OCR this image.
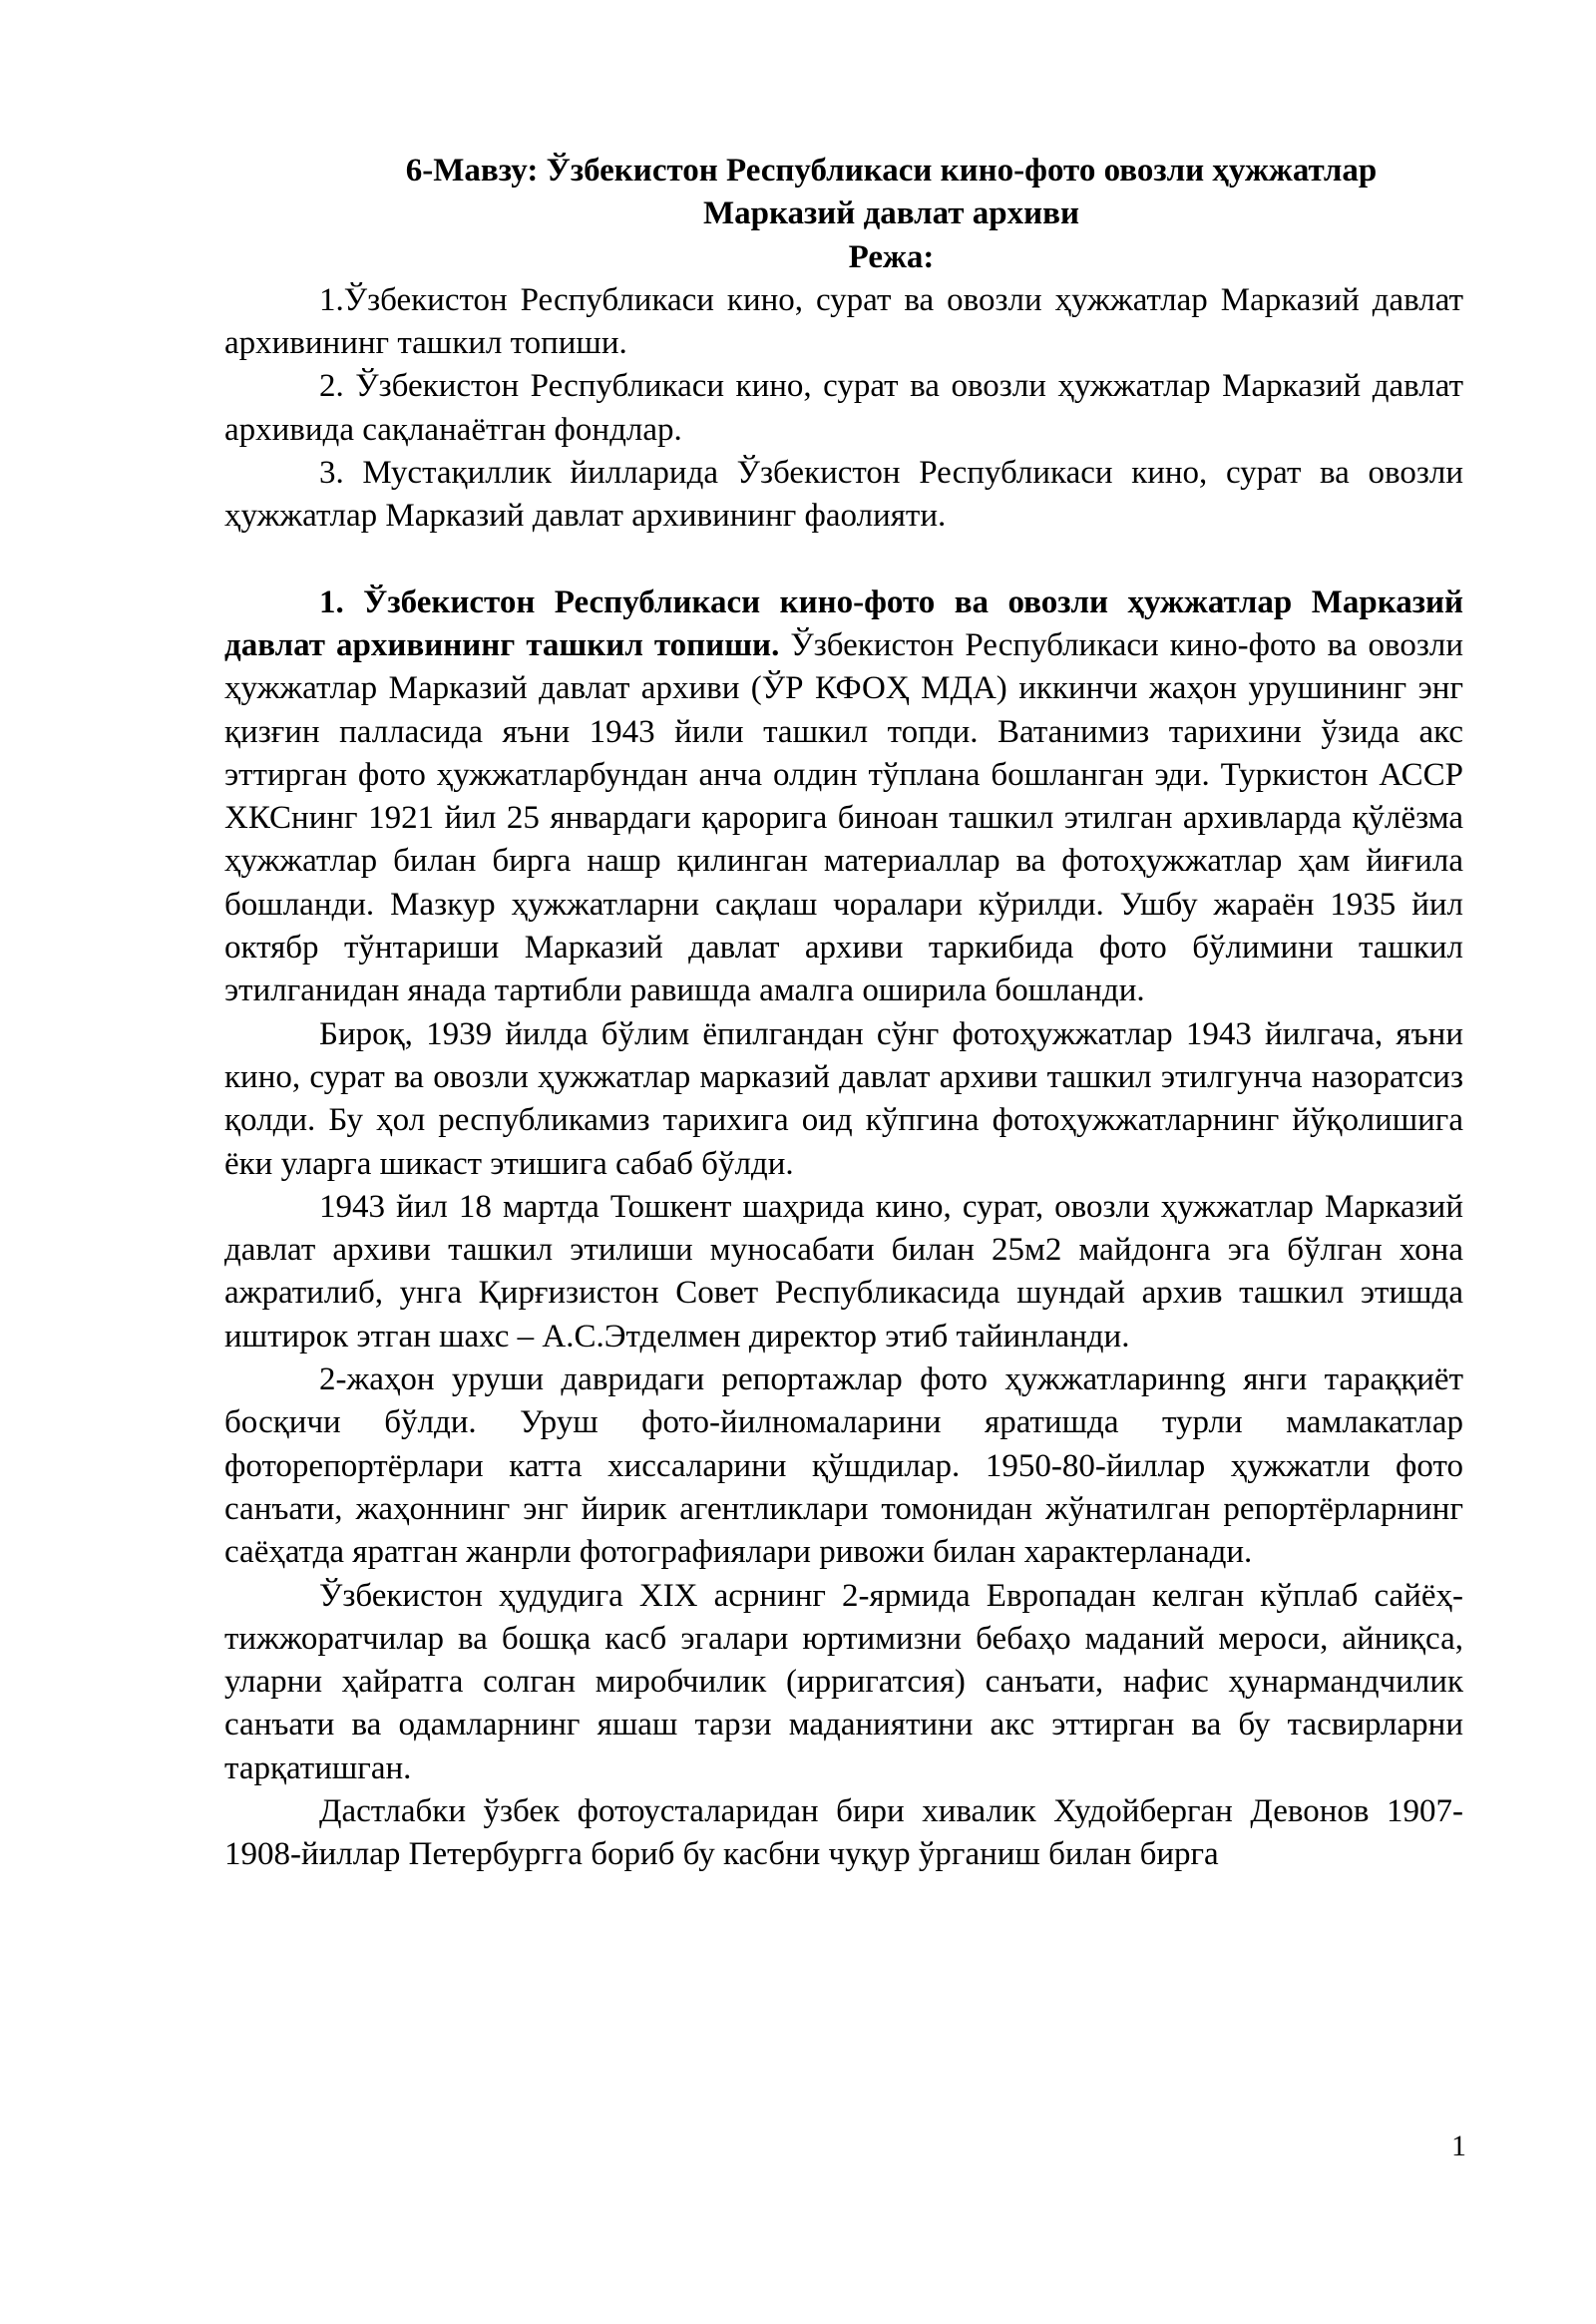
6-Мавзу: Ўзбекистон Республикаси кино-фото овозли ҳужжатлар
Марказий давлат архиви
Режа:

1.Ўзбекистон Республикаси кино, сурат ва овозли ҳужжатлар Марказий давлат архивининг ташкил топиши.

2. Ўзбекистон Республикаси кино, сурат ва овозли ҳужжатлар Марказий давлат архивида сақланаётган фондлар.

3. Мустақиллик йилларида Ўзбекистон Республикаси кино, сурат ва овозли ҳужжатлар Марказий давлат архивининг фаолияти.

1. Ўзбекистон Республикаси кино-фото ва овозли ҳужжатлар Марказий давлат архивининг ташкил топиши. Ўзбекистон Республикаси кино-фото ва овозли ҳужжатлар Марказий давлат архиви (ЎР КФОҲ МДА) иккинчи жаҳон урушининг энг қизғин палласида яъни 1943 йили ташкил топди. Ватанимиз тарихини ўзида акс эттирган фото ҳужжатларбундан анча олдин тўплана бошланган эди. Туркистон АССР ХКСнинг 1921 йил 25 январдаги қарорига биноан ташкил этилган архивларда қўлёзма ҳужжатлар билан бирга нашр қилинган материаллар ва фотоҳужжатлар ҳам йиғила бошланди. Мазкур ҳужжатларни сақлаш чоралари кўрилди. Ушбу жараён 1935 йил октябр тўнтариши Марказий давлат архиви таркибида фото бўлимини ташкил этилганидан янада тартибли равишда амалга оширила бошланди.

Бироқ, 1939 йилда бўлим ёпилгандан сўнг фотоҳужжатлар 1943 йилгача, яъни кино, сурат ва овозли ҳужжатлар марказий давлат архиви ташкил этилгунча назоратсиз қолди. Бу ҳол республикамиз тарихига оид кўпгина фотоҳужжатларнинг йўқолишига ёки уларга шикаст этишига сабаб бўлди.

1943 йил 18 мартда Тошкент шаҳрида кино, сурат, овозли ҳужжатлар Марказий давлат архиви ташкил этилиши муносабати билан 25м2 майдонга эга бўлган хона ажратилиб, унга Қирғизистон Совет Республикасида шундай архив ташкил этишда иштирок этган шахс – А.С.Этделмен директор этиб тайинланди.

2-жаҳон уруши давридаги репортажлар фото ҳужжатларинng янги тараққиёт босқичи бўлди. Уруш фото-йилномаларини яратишда турли мамлакатлар фоторепортёрлари катта хиссаларини қўшдилар. 1950-80-йиллар ҳужжатли фото санъати, жаҳоннинг энг йирик агентликлари томонидан жўнатилган репортёрларнинг саёҳатда яратган жанрли фотографиялари ривожи билан характерланади.

Ўзбекистон ҳудудига XIX асрнинг 2-ярмида Европадан келган кўплаб сайёҳ-тижжоратчилар ва бошқа касб эгалари юртимизни бебаҳо маданий мероси, айниқса, уларни ҳайратга солган миробчилик (ирригатсия) санъати, нафис ҳунармандчилик санъати ва одамларнинг яшаш тарзи маданиятини акс эттирган ва бу тасвирларни тарқатишган.

Дастлабки ўзбек фотоусталаридан бири хивалик Худойберган Девонов 1907-1908-йиллар Петербургга бориб бу касбни чуқур ўрганиш билан бирга

1
